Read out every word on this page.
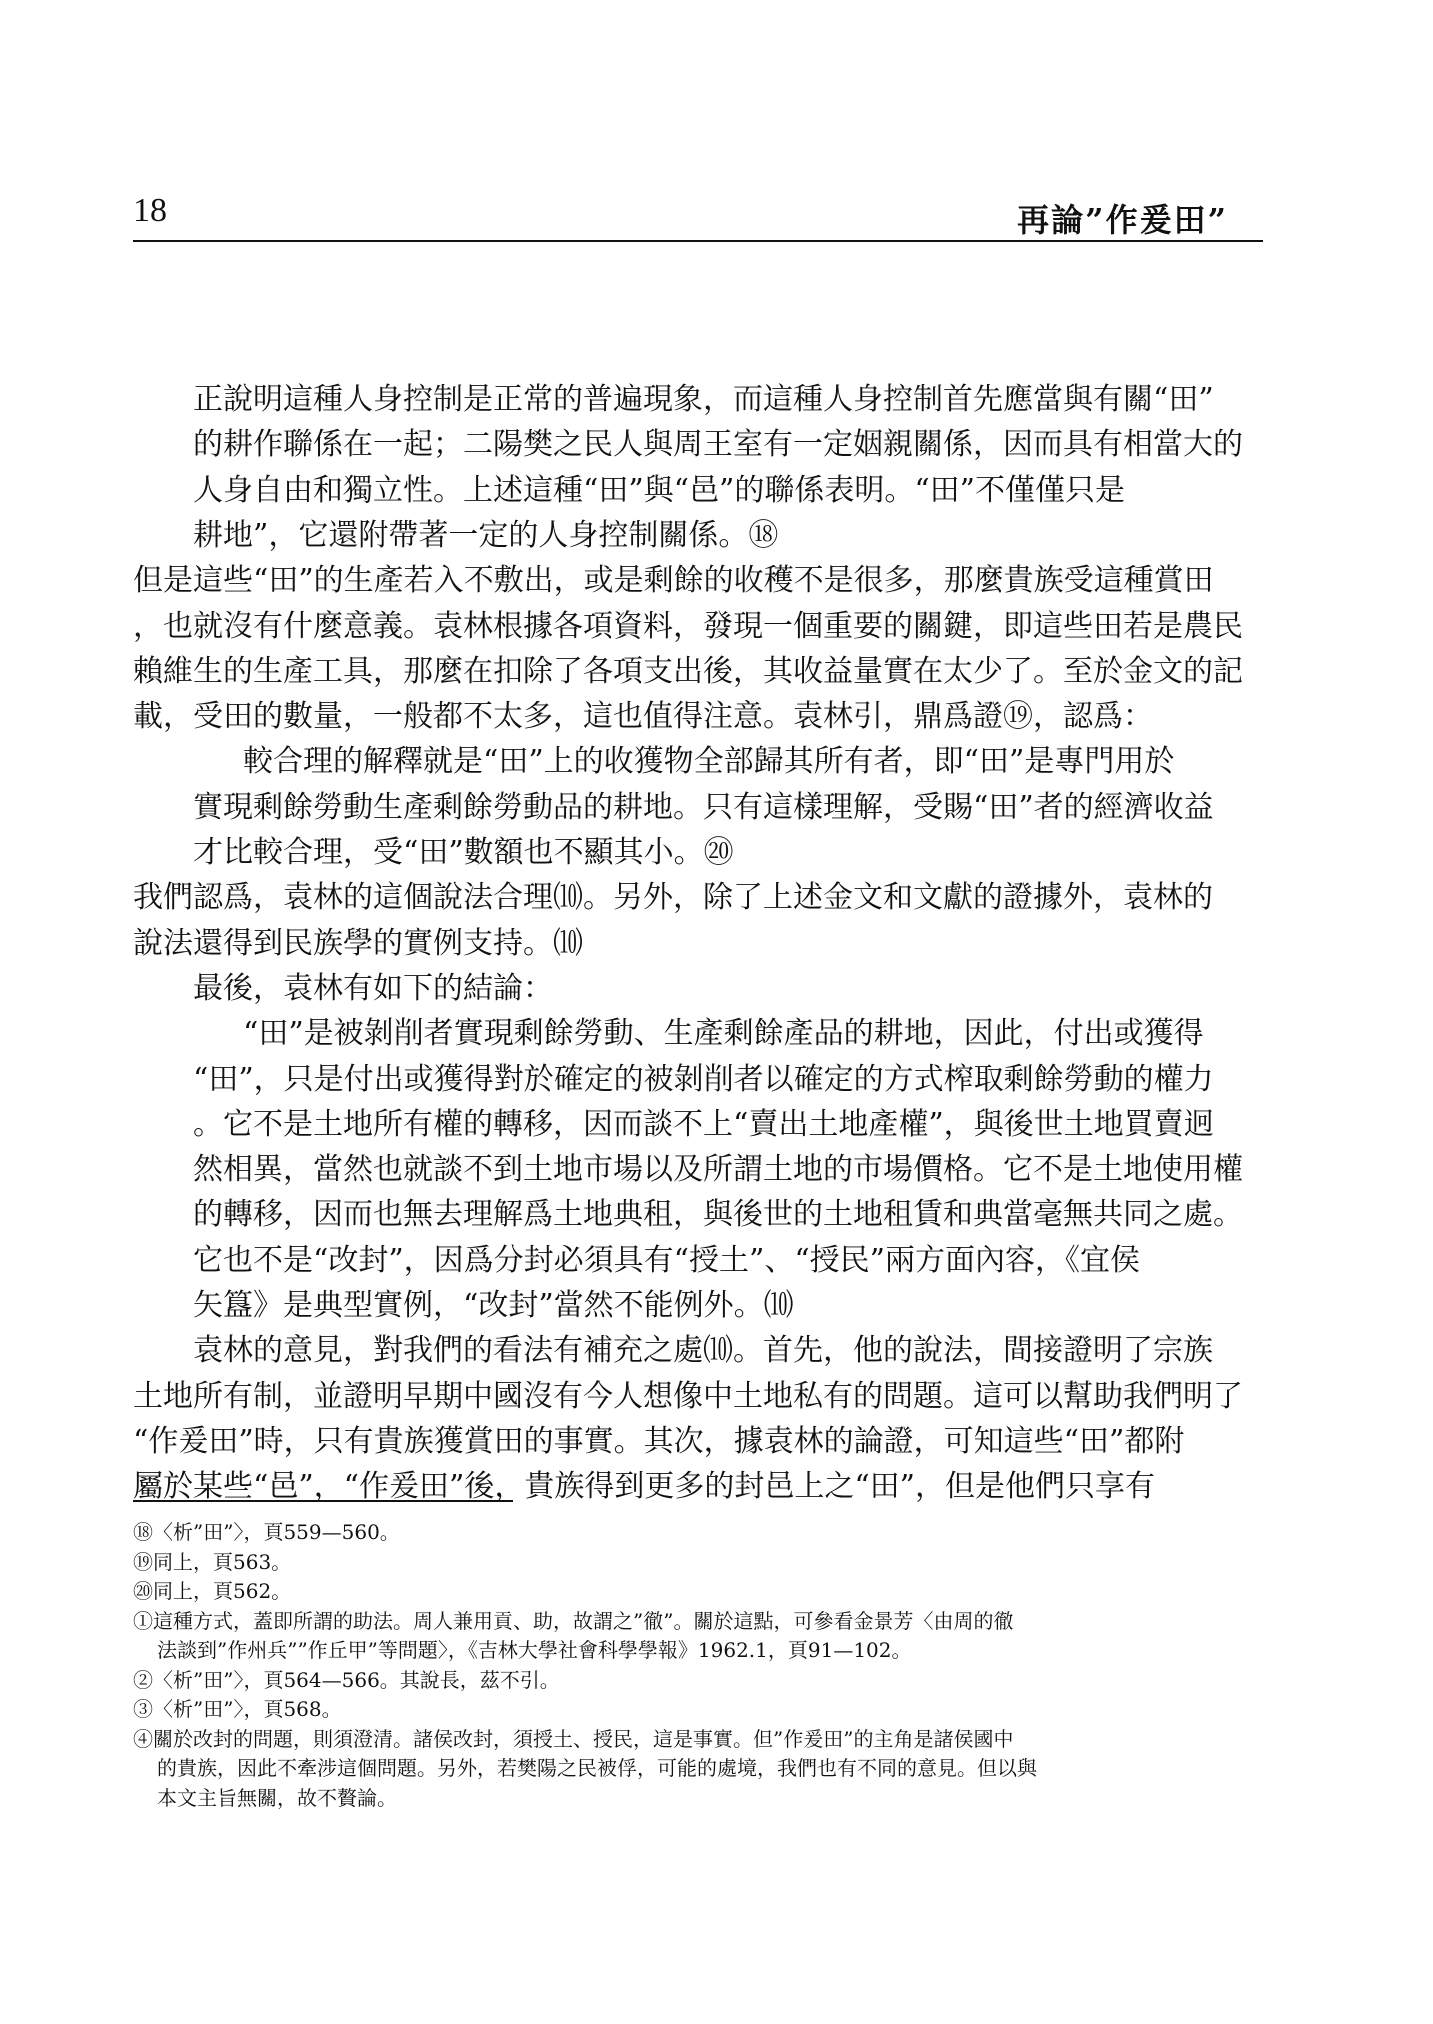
18	再論”作爰田”
正說明這種人身控制是正常的普遍現象，而這種人身控制首先應當與有關“田”
的耕作聯係在一起；二陽樊之民人與周王室有一定姻親關係，因而具有相當大的
人身自由和獨立性。上述這種“田”與“邑”的聯係表明。“田”不僅僅只是
耕地”，它還附帶著一定的人身控制關係。⑱
但是這些“田”的生產若入不敷出，或是剩餘的收穫不是很多，那麼貴族受這種賞田
，也就沒有什麼意義。袁林根據各項資料，發現一個重要的關鍵，即這些田若是農民
賴維生的生產工具，那麼在扣除了各項支出後，其收益量實在太少了。至於金文的記
載，受田的數量，一般都不太多，這也值得注意。袁林引，鼎爲證⑲，認爲：
較合理的解釋就是“田”上的收獲物全部歸其所有者，即“田”是專門用於
實現剩餘勞動生產剩餘勞動品的耕地。只有這樣理解，受賜“田”者的經濟收益
才比較合理，受“田”數額也不顯其小。⑳
我們認爲，袁林的這個說法合理⑽。另外，除了上述金文和文獻的證據外，袁林的
說法還得到民族學的實例支持。⑽
最後，袁林有如下的結論：
“田”是被剝削者實現剩餘勞動、生產剩餘產品的耕地，因此，付出或獲得
“田”，只是付出或獲得對於確定的被剝削者以確定的方式榨取剩餘勞動的權力
。它不是土地所有權的轉移，因而談不上“賣出土地產權”，與後世土地買賣迥
然相異，當然也就談不到土地市場以及所謂土地的市場價格。它不是土地使用權
的轉移，因而也無去理解爲土地典租，與後世的土地租賃和典當毫無共同之處。
它也不是“改封”，因爲分封必須具有“授土”、“授民”兩方面內容，《宜侯
矢簋》是典型實例，“改封”當然不能例外。⑽
袁林的意見，對我們的看法有補充之處⑽。首先，他的說法，間接證明了宗族
土地所有制，並證明早期中國沒有今人想像中土地私有的問題。這可以幫助我們明了
“作爰田”時，只有貴族獲賞田的事實。其次，據袁林的論證，可知這些“田”都附
屬於某些“邑”，“作爰田”後，貴族得到更多的封邑上之“田”，但是他們只享有
⑱〈析”田”〉，頁559—560。
⑲同上，頁563。
⑳同上，頁562。
①這種方式，蓋即所謂的助法。周人兼用貢、助，故謂之”徹”。關於這點，可參看金景芳〈由周的徹
法談到”作州兵””作丘甲”等問題〉，《吉林大學社會科學學報》1962.1，頁91—102。
②〈析”田”〉，頁564—566。其說長，茲不引。
③〈析”田”〉，頁568。
④關於改封的問題，則須澄清。諸侯改封，須授土、授民，這是事實。但”作爰田”的主角是諸侯國中
的貴族，因此不牽涉這個問題。另外，若樊陽之民被俘，可能的處境，我們也有不同的意見。但以與
本文主旨無關，故不贅論。
